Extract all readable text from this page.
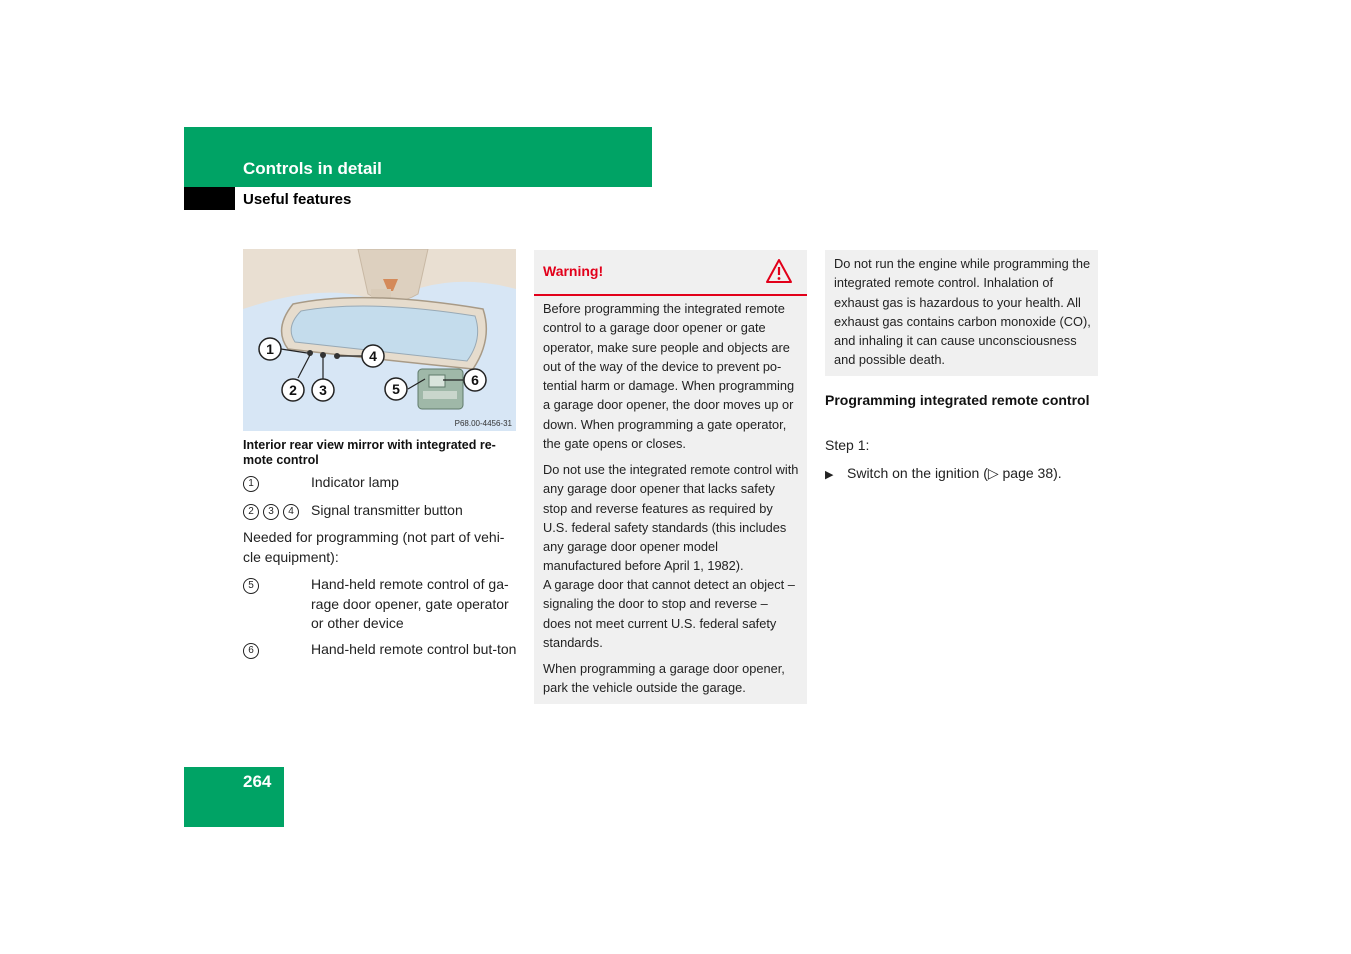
Controls in detail
Useful features
1
2 3
4
5
6
P68.00-4456-31
Interior rear view mirror with integrated re-mote control
1	Indicator lamp
2 3 4	Signal transmitter button
Needed for programming (not part of vehi-cle equipment):
5	Hand-held remote control of ga-rage door opener, gate operator or other device
6	Hand-held remote control but-ton
Warning!
Before programming the integrated remote control to a garage door opener or gate operator, make sure people and objects are out of the way of the device to prevent po-tential harm or damage. When programming a garage door opener, the door moves up or down. When programming a gate operator, the gate opens or closes.
Do not use the integrated remote control with any garage door opener that lacks safety stop and reverse features as required by U.S. federal safety standards (this includes any garage door opener model manufactured before April 1, 1982).
A garage door that cannot detect an object – signaling the door to stop and reverse – does not meet current U.S. federal safety standards.
When programming a garage door opener, park the vehicle outside the garage.
Do not run the engine while programming the integrated remote control. Inhalation of exhaust gas is hazardous to your health. All exhaust gas contains carbon monoxide (CO), and inhaling it can cause unconsciousness and possible death.
Programming integrated remote control
Step 1:
▶ Switch on the ignition (▷ page 38).
264
